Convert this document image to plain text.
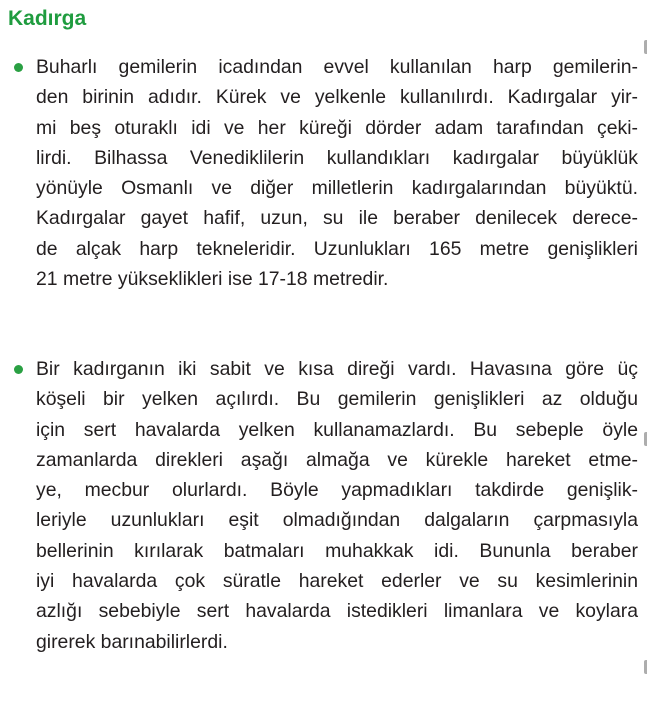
Kadırga

Buharlı gemilerin icadından evvel kullanılan harp gemilerin-
den birinin adıdır. Kürek ve yelkenle kullanılırdı. Kadırgalar yir-
mi beş oturaklı idi ve her küreği dörder adam tarafından çeki-
lirdi. Bilhassa Venediklilerin kullandıkları kadırgalar büyüklük
yönüyle Osmanlı ve diğer milletlerin kadırgalarından büyüktü.
Kadırgalar gayet hafif, uzun, su ile beraber denilecek derece-
de alçak harp tekneleridir. Uzunlukları 165 metre genişlikleri
21 metre yükseklikleri ise 17-18 metredir.

Bir kadırganın iki sabit ve kısa direği vardı. Havasına göre üç
köşeli bir yelken açılırdı. Bu gemilerin genişlikleri az olduğu
için sert havalarda yelken kullanamazlardı. Bu sebeple öyle
zamanlarda direkleri aşağı almağa ve kürekle hareket etme-
ye, mecbur olurlardı. Böyle yapmadıkları takdirde genişlik-
leriyle uzunlukları eşit olmadığından dalgaların çarpmasıyla
bellerinin kırılarak batmaları muhakkak idi. Bununla beraber
iyi havalarda çok süratle hareket ederler ve su kesimlerinin
azlığı sebebiyle sert havalarda istedikleri limanlara ve koylara
girerek barınabilirlerdi.
